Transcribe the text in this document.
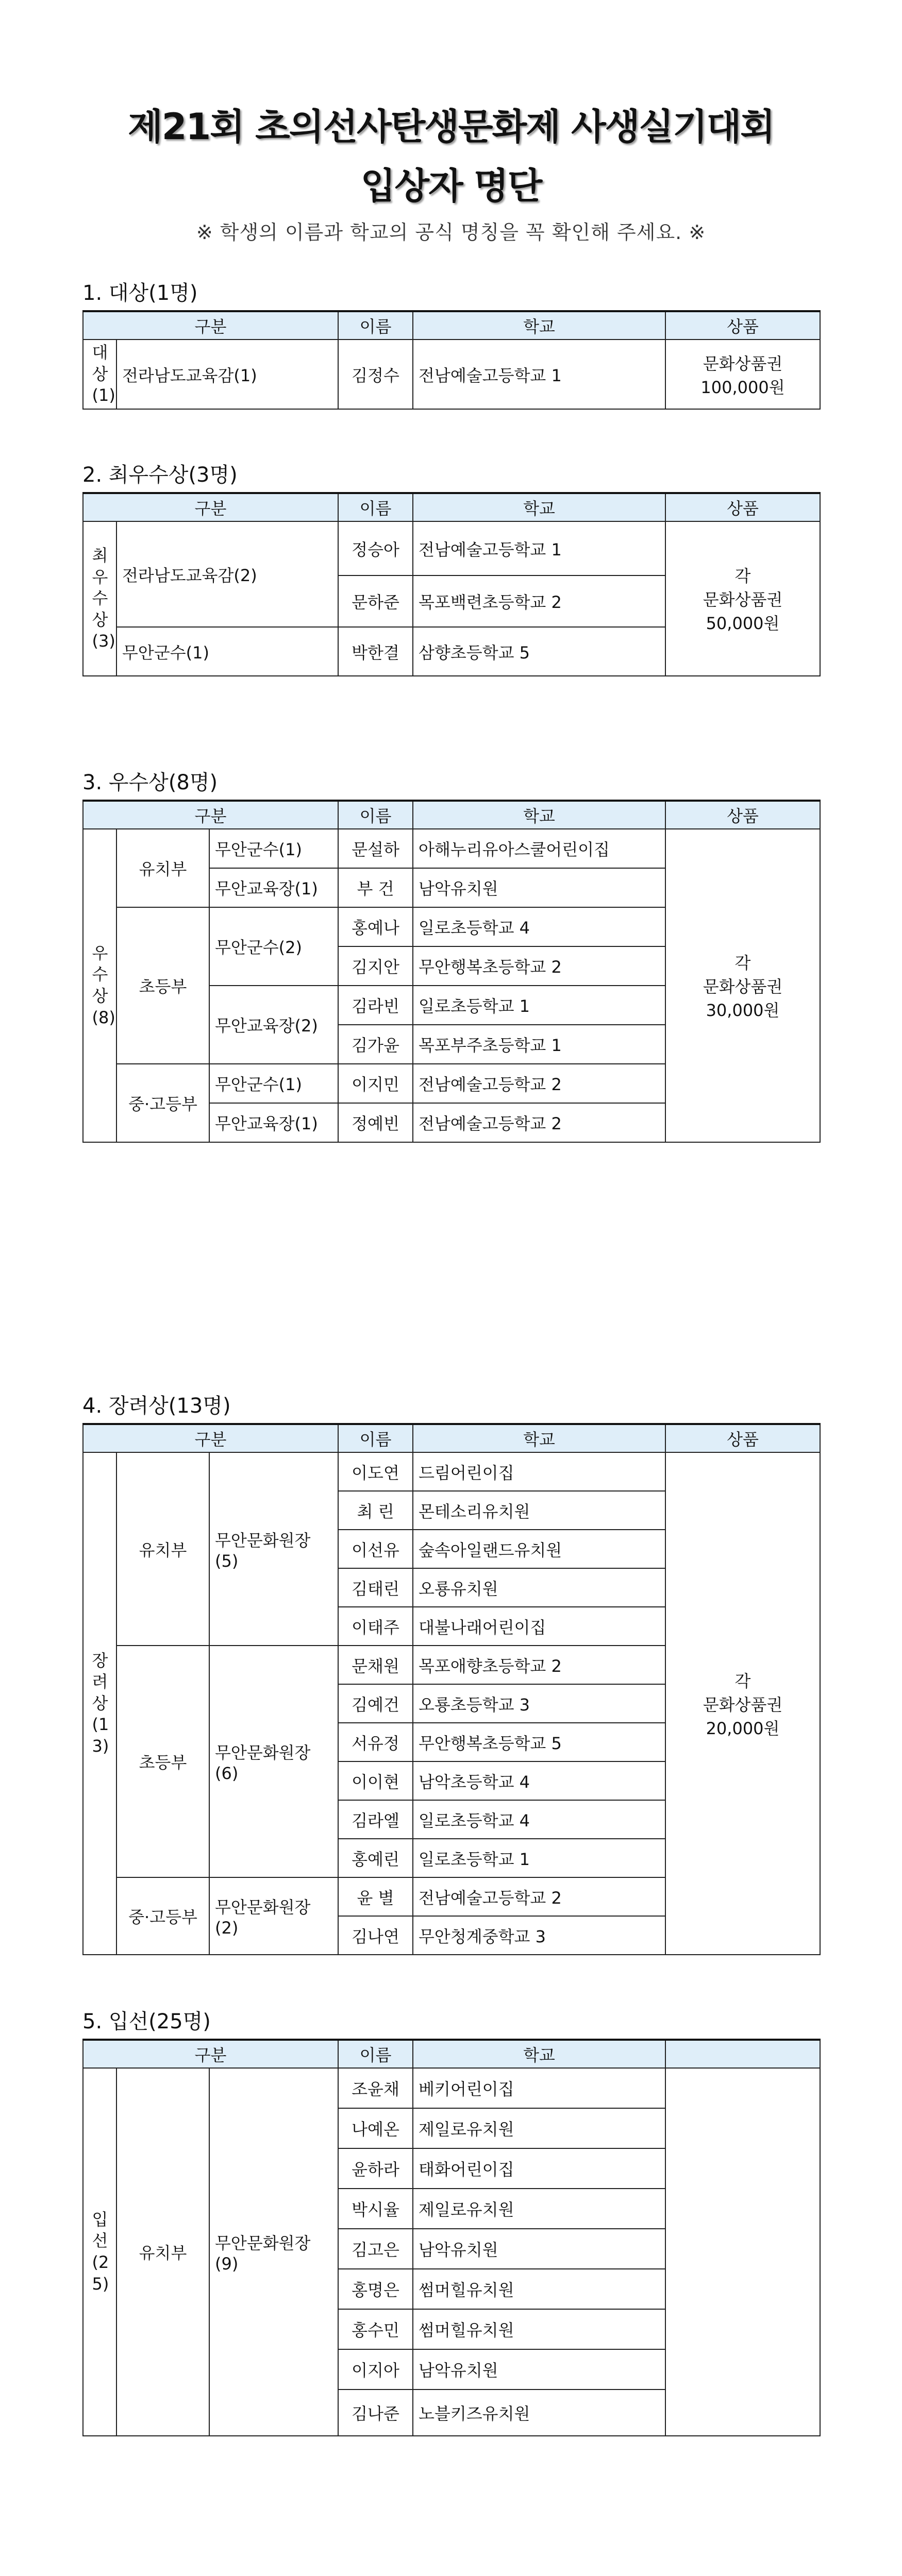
제21회 초의선사탄생문화제 사생실기대회
입상자 명단
※ 학생의 이름과 학교의 공식 명칭을 꼭 확인해 주세요. ※
1. 대상(1명)
구분		이름	학교	상품

대상(1)	전라남도교육감(1)	김정수	전남예술고등학교 1	문화상품권
100,000원
2. 최우수상(3명)
구분		이름	학교	상품

최우수상(3)	전라남도교육감(2)	정승아	전남예술고등학교 1	각
문화상품권
50,000원
		문하준	목포백련초등학교 2	
	무안군수(1)	박한결	삼향초등학교 5	
3. 우수상(8명)
구분			이름	학교	상품

우수상(8)	유치부	무안군수(1)	문설하	아해누리유아스쿨어린이집	각
문화상품권
30,000원
		무안교육장(1)	부 건	남악유치원	
	초등부	무안군수(2)	홍예나	일로초등학교 4	
			김지안	무안행복초등학교 2	
		무안교육장(2)	김라빈	일로초등학교 1	
			김가윤	목포부주초등학교 1	
	중·고등부	무안군수(1)	이지민	전남예술고등학교 2	
		무안교육장(1)	정예빈	전남예술고등학교 2	
4. 장려상(13명)
구분			이름	학교	상품

장려상(13)	유치부	무안문화원장(5)	이도연	드림어린이집	각
문화상품권
20,000원
			최 린	몬테소리유치원	
			이선유	숲속아일랜드유치원	
			김태린	오룡유치원	
			이태주	대불나래어린이집	
	초등부	무안문화원장(6)	문채원	목포애향초등학교 2	
			김예건	오룡초등학교 3	
			서유정	무안행복초등학교 5	
			이이현	남악초등학교 4	
			김라엘	일로초등학교 4	
			홍예린	일로초등학교 1	
	중·고등부	무안문화원장(2)	윤 별	전남예술고등학교 2	
			김나연	무안청계중학교 3	
5. 입선(25명)
구분			이름	학교	

입선(25)	유치부	무안문화원장(9)	조윤채	베키어린이집	
			나예온	제일로유치원	
			윤하라	태화어린이집	
			박시율	제일로유치원	
			김고은	남악유치원	
			홍명은	썸머힐유치원	
			홍수민	썸머힐유치원	
			이지아	남악유치원	
			김나준	노블키즈유치원	
